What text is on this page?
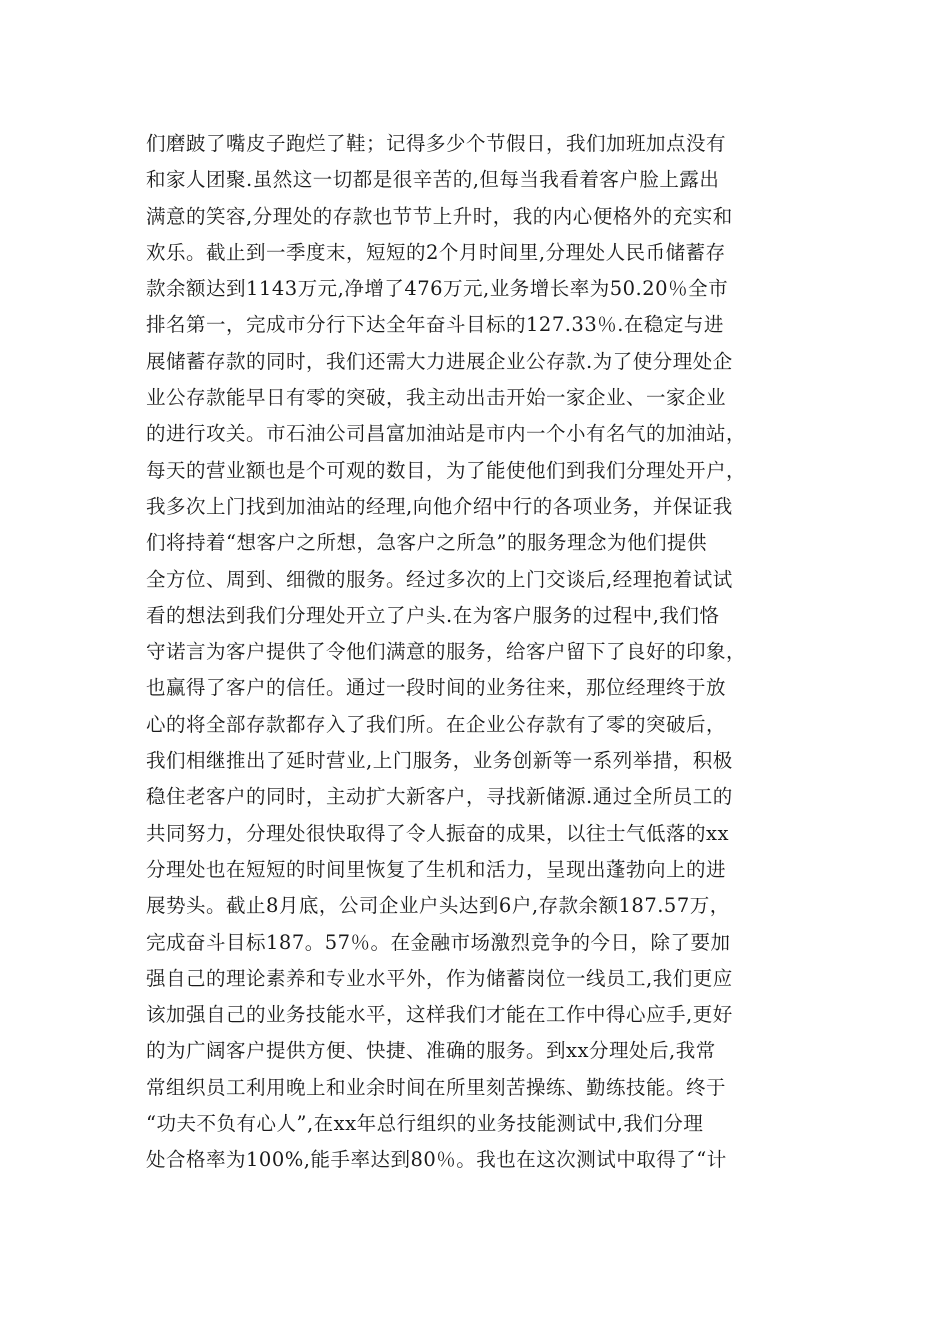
们磨跛了嘴皮子跑烂了鞋；记得多少个节假日，我们加班加点没有
和家人团聚.虽然这一切都是很辛苦的,但每当我看着客户脸上露出
满意的笑容,分理处的存款也节节上升时，我的内心便格外的充实和
欢乐。截止到一季度末，短短的2个月时间里,分理处人民币储蓄存
款余额达到1143万元,净增了476万元,业务增长率为50.20％全市
排名第一，完成市分行下达全年奋斗目标的127.33％.在稳定与进
展储蓄存款的同时，我们还需大力进展企业公存款.为了使分理处企
业公存款能早日有零的突破，我主动出击开始一家企业、一家企业
的进行攻关。市石油公司昌富加油站是市内一个小有名气的加油站，
每天的营业额也是个可观的数目，为了能使他们到我们分理处开户，
我多次上门找到加油站的经理,向他介绍中行的各项业务，并保证我
们将持着“想客户之所想，急客户之所急”的服务理念为他们提供
全方位、周到、细微的服务。经过多次的上门交谈后,经理抱着试试
看的想法到我们分理处开立了户头.在为客户服务的过程中,我们恪
守诺言为客户提供了令他们满意的服务，给客户留下了良好的印象，
也赢得了客户的信任。通过一段时间的业务往来，那位经理终于放
心的将全部存款都存入了我们所。在企业公存款有了零的突破后，
我们相继推出了延时营业,上门服务，业务创新等一系列举措，积极
稳住老客户的同时，主动扩大新客户，寻找新储源.通过全所员工的
共同努力，分理处很快取得了令人振奋的成果，以往士气低落的xx
分理处也在短短的时间里恢复了生机和活力，呈现出蓬勃向上的进
展势头。截止8月底，公司企业户头达到6户,存款余额187.57万，
完成奋斗目标187。57％。在金融市场激烈竞争的今日，除了要加
强自己的理论素养和专业水平外，作为储蓄岗位一线员工,我们更应
该加强自己的业务技能水平，这样我们才能在工作中得心应手,更好
的为广阔客户提供方便、快捷、准确的服务。到xx分理处后,我常
常组织员工利用晚上和业余时间在所里刻苦操练、勤练技能。终于
“功夫不负有心人”,在xx年总行组织的业务技能测试中,我们分理
处合格率为100%,能手率达到80％。我也在这次测试中取得了“计
